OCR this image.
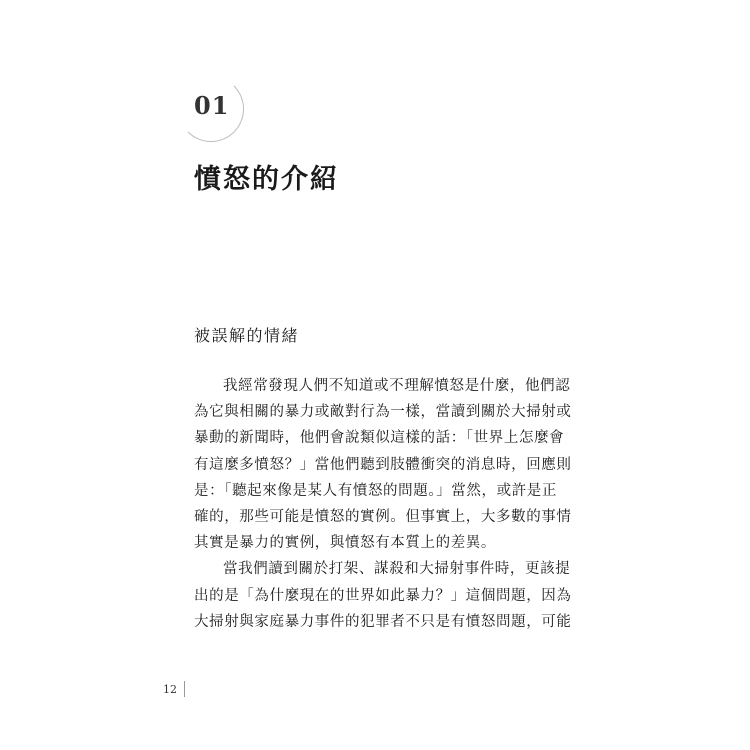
01
憤怒的介紹
被誤解的情緒
我經常發現人們不知道或不理解憤怒是什麼，他們認
為它與相關的暴力或敵對行為一樣，當讀到關於大掃射或
暴動的新聞時，他們會說類似這樣的話：「世界上怎麼會
有這麼多憤怒？」當他們聽到肢體衝突的消息時，回應則
是：「聽起來像是某人有憤怒的問題。」當然，或許是正
確的，那些可能是憤怒的實例。但事實上，大多數的事情
其實是暴力的實例，與憤怒有本質上的差異。
當我們讀到關於打架、謀殺和大掃射事件時，更該提
出的是「為什麼現在的世界如此暴力？」這個問題，因為
大掃射與家庭暴力事件的犯罪者不只是有憤怒問題，可能
12
